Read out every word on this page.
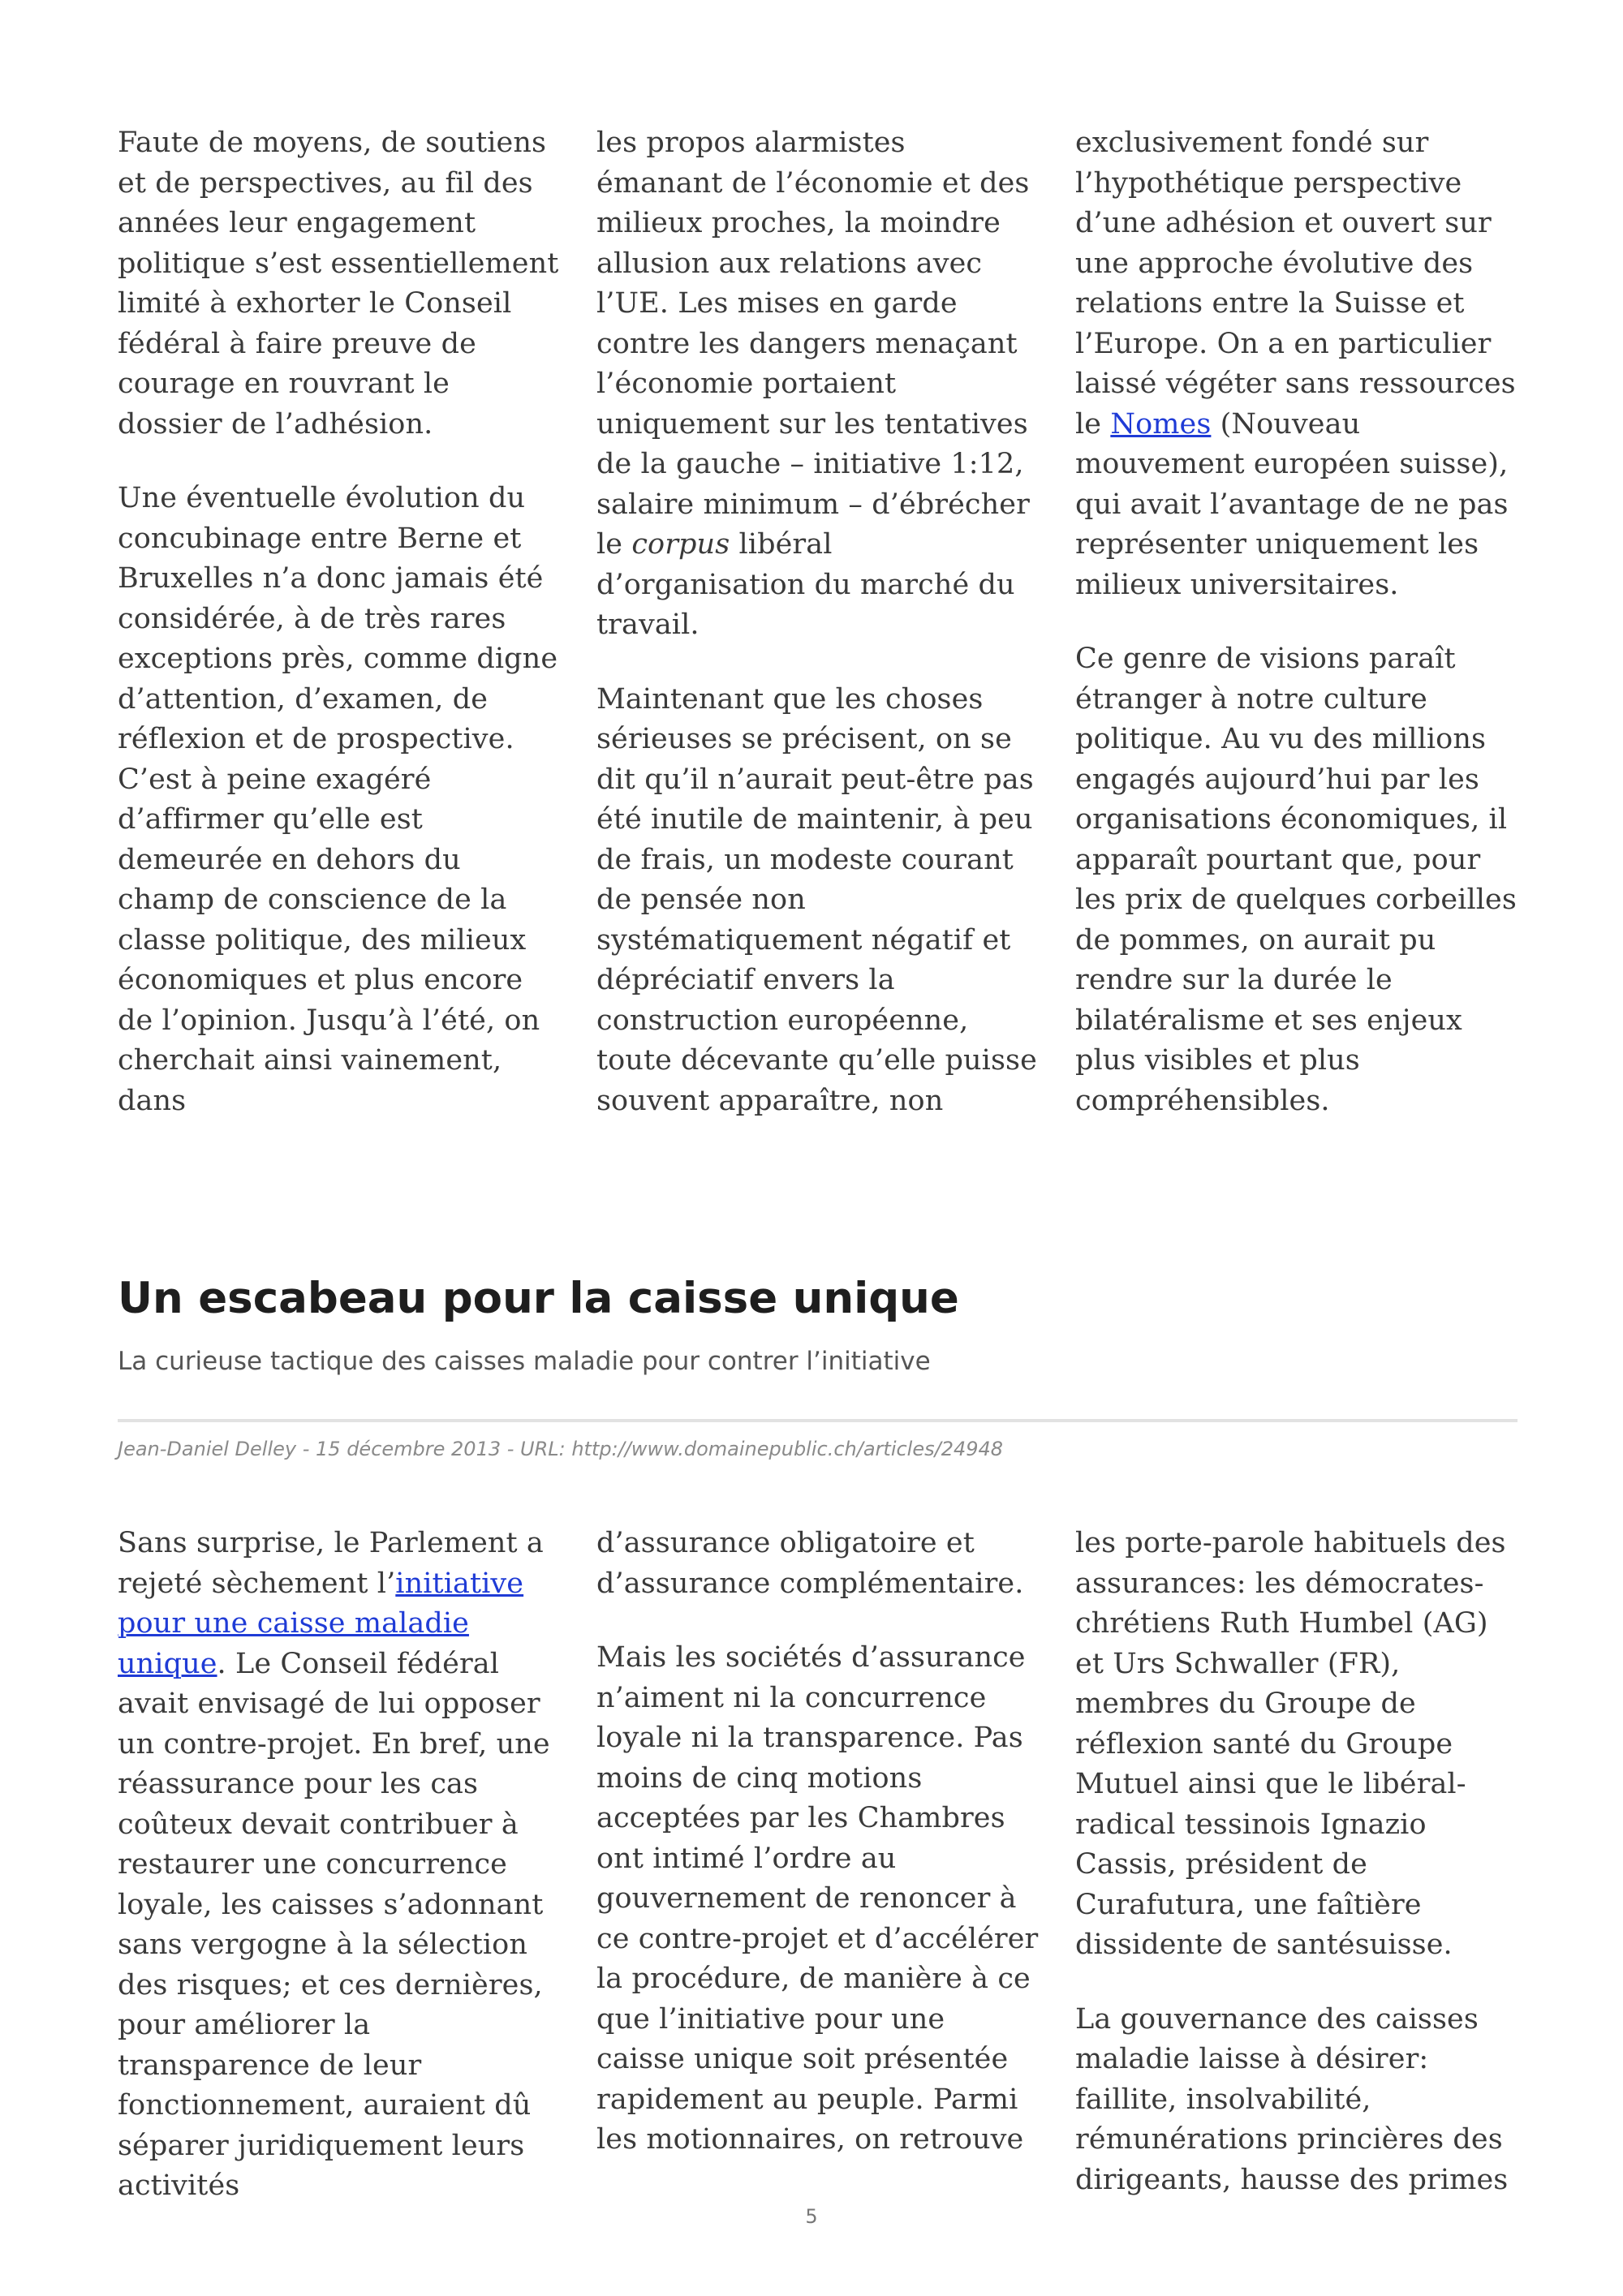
Faute de moyens, de soutiens et de perspectives, au fil des années leur engagement politique s’est essentiellement limité à exhorter le Conseil fédéral à faire preuve de courage en rouvrant le dossier de l’adhésion.

Une éventuelle évolution du concubinage entre Berne et Bruxelles n’a donc jamais été considérée, à de très rares exceptions près, comme digne d’attention, d’examen, de réflexion et de prospective. C’est à peine exagéré d’affirmer qu’elle est demeurée en dehors du champ de conscience de la classe politique, des milieux économiques et plus encore de l’opinion. Jusqu’à l’été, on cherchait ainsi vainement, dans

les propos alarmistes émanant de l’économie et des milieux proches, la moindre allusion aux relations avec l’UE. Les mises en garde contre les dangers menaçant l’économie portaient uniquement sur les tentatives de la gauche – initiative 1:12, salaire minimum – d’ébrécher le corpus libéral d’organisation du marché du travail.

Maintenant que les choses sérieuses se précisent, on se dit qu’il n’aurait peut-être pas été inutile de maintenir, à peu de frais, un modeste courant de pensée non systématiquement négatif et dépréciatif envers la construction européenne, toute décevante qu’elle puisse souvent apparaître, non

exclusivement fondé sur l’hypothétique perspective d’une adhésion et ouvert sur une approche évolutive des relations entre la Suisse et l’Europe. On a en particulier laissé végéter sans ressources le Nomes (Nouveau mouvement européen suisse), qui avait l’avantage de ne pas représenter uniquement les milieux universitaires.

Ce genre de visions paraît étranger à notre culture politique. Au vu des millions engagés aujourd’hui par les organisations économiques, il apparaît pourtant que, pour les prix de quelques corbeilles de pommes, on aurait pu rendre sur la durée le bilatéralisme et ses enjeux plus visibles et plus compréhensibles.

Un escabeau pour la caisse unique

La curieuse tactique des caisses maladie pour contrer l’initiative

Jean-Daniel Delley - 15 décembre 2013 - URL: http://www.domainepublic.ch/articles/24948

Sans surprise, le Parlement a rejeté sèchement l’initiative pour une caisse maladie unique. Le Conseil fédéral avait envisagé de lui opposer un contre-projet. En bref, une réassurance pour les cas coûteux devait contribuer à restaurer une concurrence loyale, les caisses s’adonnant sans vergogne à la sélection des risques; et ces dernières, pour améliorer la transparence de leur fonctionnement, auraient dû séparer juridiquement leurs activités

d’assurance obligatoire et d’assurance complémentaire.

Mais les sociétés d’assurance n’aiment ni la concurrence loyale ni la transparence. Pas moins de cinq motions acceptées par les Chambres ont intimé l’ordre au gouvernement de renoncer à ce contre-projet et d’accélérer la procédure, de manière à ce que l’initiative pour une caisse unique soit présentée rapidement au peuple. Parmi les motionnaires, on retrouve

les porte-parole habituels des assurances: les démocrates-chrétiens Ruth Humbel (AG) et Urs Schwaller (FR), membres du Groupe de réflexion santé du Groupe Mutuel ainsi que le libéral-radical tessinois Ignazio Cassis, président de Curafutura, une faîtière dissidente de santésuisse.

La gouvernance des caisses maladie laisse à désirer: faillite, insolvabilité, rémunérations princières des dirigeants, hausse des primes

5
